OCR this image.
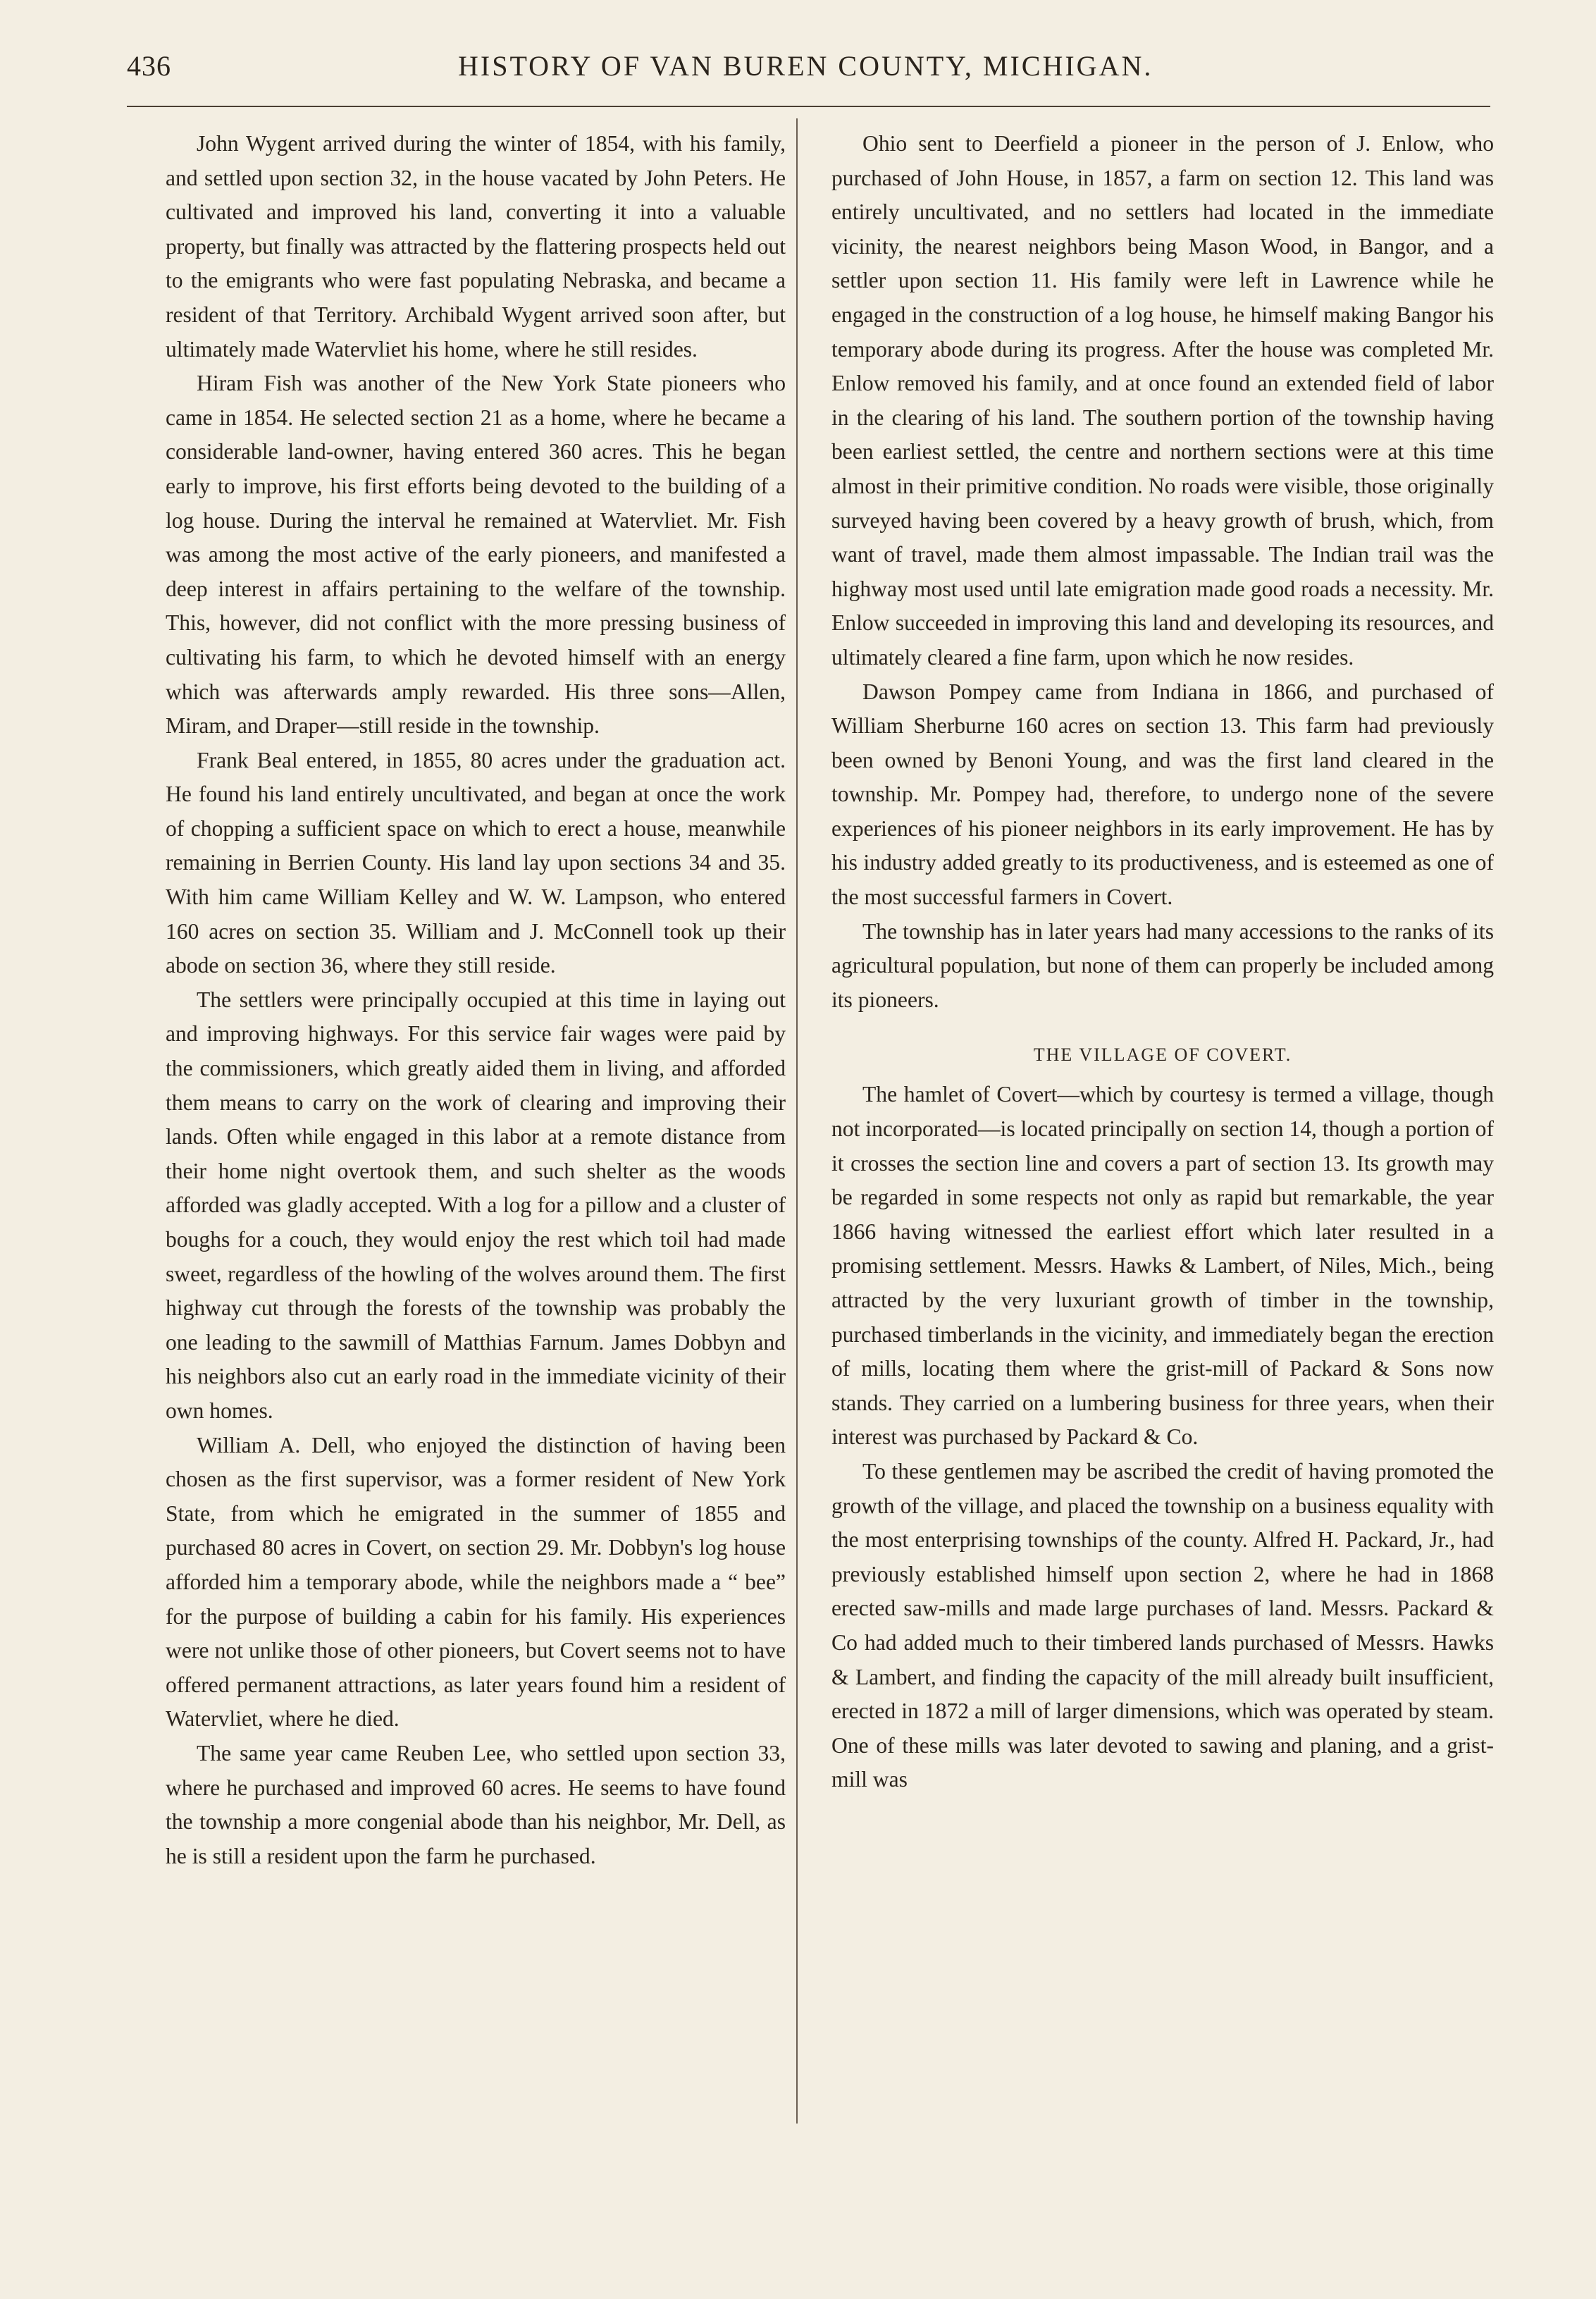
436	HISTORY OF VAN BUREN COUNTY, MICHIGAN.

John Wygent arrived during the winter of 1854, with his family, and settled upon section 32, in the house vacated by John Peters. He cultivated and improved his land, converting it into a valuable property, but finally was attracted by the flattering prospects held out to the emigrants who were fast populating Nebraska, and became a resident of that Territory. Archibald Wygent arrived soon after, but ultimately made Watervliet his home, where he still resides.

Hiram Fish was another of the New York State pioneers who came in 1854. He selected section 21 as a home, where he became a considerable land-owner, having entered 360 acres. This he began early to improve, his first efforts being devoted to the building of a log house. During the interval he remained at Watervliet. Mr. Fish was among the most active of the early pioneers, and manifested a deep interest in affairs pertaining to the welfare of the township. This, however, did not conflict with the more pressing business of cultivating his farm, to which he devoted himself with an energy which was afterwards amply rewarded. His three sons—Allen, Miram, and Draper—still reside in the township.

Frank Beal entered, in 1855, 80 acres under the graduation act. He found his land entirely uncultivated, and began at once the work of chopping a sufficient space on which to erect a house, meanwhile remaining in Berrien County. His land lay upon sections 34 and 35. With him came William Kelley and W. W. Lampson, who entered 160 acres on section 35. William and J. McConnell took up their abode on section 36, where they still reside.

The settlers were principally occupied at this time in laying out and improving highways. For this service fair wages were paid by the commissioners, which greatly aided them in living, and afforded them means to carry on the work of clearing and improving their lands. Often while engaged in this labor at a remote distance from their home night overtook them, and such shelter as the woods afforded was gladly accepted. With a log for a pillow and a cluster of boughs for a couch, they would enjoy the rest which toil had made sweet, regardless of the howling of the wolves around them. The first highway cut through the forests of the township was probably the one leading to the sawmill of Matthias Farnum. James Dobbyn and his neighbors also cut an early road in the immediate vicinity of their own homes.

William A. Dell, who enjoyed the distinction of having been chosen as the first supervisor, was a former resident of New York State, from which he emigrated in the summer of 1855 and purchased 80 acres in Covert, on section 29. Mr. Dobbyn's log house afforded him a temporary abode, while the neighbors made a “ bee” for the purpose of building a cabin for his family. His experiences were not unlike those of other pioneers, but Covert seems not to have offered permanent attractions, as later years found him a resident of Watervliet, where he died.

The same year came Reuben Lee, who settled upon section 33, where he purchased and improved 60 acres. He seems to have found the township a more congenial abode than his neighbor, Mr. Dell, as he is still a resident upon the farm he purchased.

Ohio sent to Deerfield a pioneer in the person of J. Enlow, who purchased of John House, in 1857, a farm on section 12. This land was entirely uncultivated, and no settlers had located in the immediate vicinity, the nearest neighbors being Mason Wood, in Bangor, and a settler upon section 11. His family were left in Lawrence while he engaged in the construction of a log house, he himself making Bangor his temporary abode during its progress. After the house was completed Mr. Enlow removed his family, and at once found an extended field of labor in the clearing of his land. The southern portion of the township having been earliest settled, the centre and northern sections were at this time almost in their primitive condition. No roads were visible, those originally surveyed having been covered by a heavy growth of brush, which, from want of travel, made them almost impassable. The Indian trail was the highway most used until late emigration made good roads a necessity. Mr. Enlow succeeded in improving this land and developing its resources, and ultimately cleared a fine farm, upon which he now resides.

Dawson Pompey came from Indiana in 1866, and purchased of William Sherburne 160 acres on section 13. This farm had previously been owned by Benoni Young, and was the first land cleared in the township. Mr. Pompey had, therefore, to undergo none of the severe experiences of his pioneer neighbors in its early improvement. He has by his industry added greatly to its productiveness, and is esteemed as one of the most successful farmers in Covert.

The township has in later years had many accessions to the ranks of its agricultural population, but none of them can properly be included among its pioneers.

THE VILLAGE OF COVERT.

The hamlet of Covert—which by courtesy is termed a village, though not incorporated—is located principally on section 14, though a portion of it crosses the section line and covers a part of section 13. Its growth may be regarded in some respects not only as rapid but remarkable, the year 1866 having witnessed the earliest effort which later resulted in a promising settlement. Messrs. Hawks & Lambert, of Niles, Mich., being attracted by the very luxuriant growth of timber in the township, purchased timberlands in the vicinity, and immediately began the erection of mills, locating them where the grist-mill of Packard & Sons now stands. They carried on a lumbering business for three years, when their interest was purchased by Packard & Co.

To these gentlemen may be ascribed the credit of having promoted the growth of the village, and placed the township on a business equality with the most enterprising townships of the county. Alfred H. Packard, Jr., had previously established himself upon section 2, where he had in 1868 erected saw-mills and made large purchases of land. Messrs. Packard & Co had added much to their timbered lands purchased of Messrs. Hawks & Lambert, and finding the capacity of the mill already built insufficient, erected in 1872 a mill of larger dimensions, which was operated by steam. One of these mills was later devoted to sawing and planing, and a grist-mill was
